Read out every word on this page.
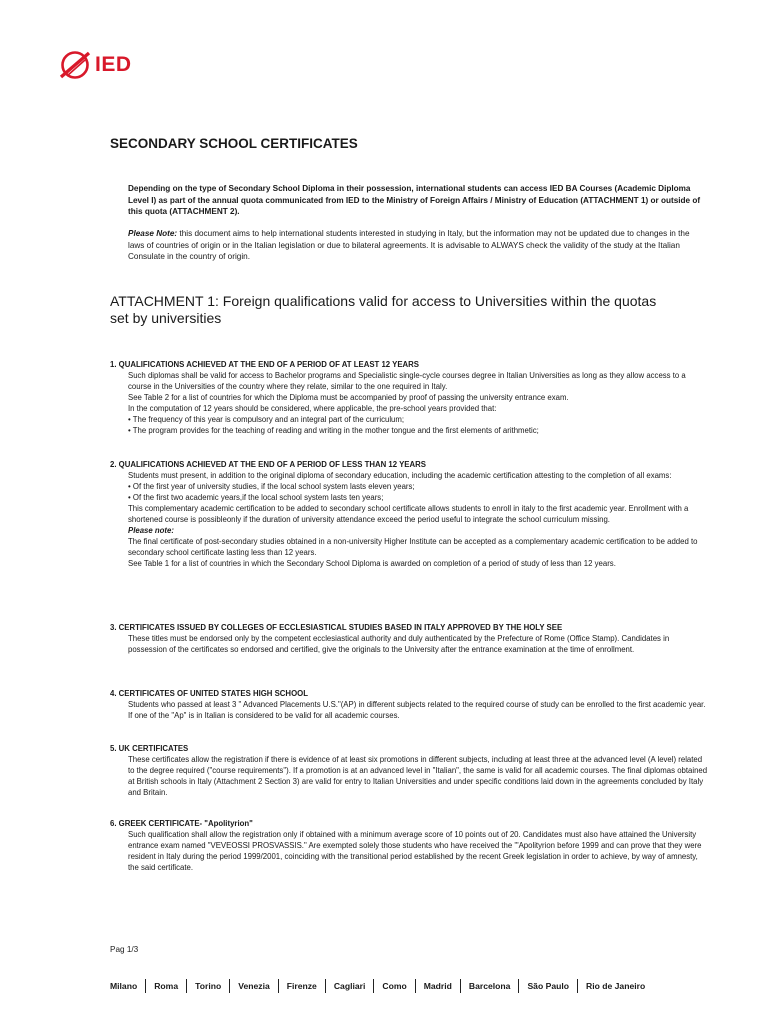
IED
SECONDARY SCHOOL CERTIFICATES

Depending on the type of Secondary School Diploma in their possession, international students can access IED BA Courses (Academic Diploma Level I) as part of the annual quota communicated from IED to the Ministry of Foreign Affairs / Ministry of Education (ATTACHMENT 1) or outside of this quota (ATTACHMENT 2).

Please Note: this document aims to help international students interested in studying in Italy, but the information may not be updated due to changes in the laws of countries of origin or in the Italian legislation or due to bilateral agreements. It is advisable to ALWAYS check the validity of the study at the Italian Consulate in the country of origin.

ATTACHMENT 1: Foreign qualifications valid for access to Universities within the quotas set by universities
1. QUALIFICATIONS ACHIEVED AT THE END OF A PERIOD OF AT LEAST 12 YEARS
Such diplomas shall be valid for access to Bachelor programs and Specialistic single-cycle courses degree in Italian Universities as long as they allow access to a course in the Universities of the country where they relate, similar to the one required in Italy.
See Table 2 for a list of countries for which the Diploma must be accompanied by proof of passing the university entrance exam.
In the computation of 12 years should be considered, where applicable, the pre-school years provided that:
• The frequency of this year is compulsory and an integral part of the curriculum;
• The program provides for the teaching of reading and writing in the mother tongue and the first elements of arithmetic;
2. QUALIFICATIONS ACHIEVED AT THE END OF A PERIOD OF LESS THAN 12 YEARS
Students must present, in addition to the original diploma of secondary education, including the academic certification attesting to the completion of all exams:
• Of the first year of university studies, if the local school system lasts eleven years;
• Of the first two academic years,if the local school system lasts ten years;
This complementary academic certification to be added to secondary school certificate allows students to enroll in italy to the first academic year. Enrollment with a shortened course is possibleonly if the duration of university attendance exceed the period useful to integrate the school curriculum missing.
Please note:
The final certificate of post-secondary studies obtained in a non-university Higher Institute can be accepted as a complementary academic certification to be added to secondary school certificate lasting less than 12 years.
See Table 1 for a list of countries in which the Secondary School Diploma is awarded on completion of a period of study of less than 12 years.
3. CERTIFICATES ISSUED BY COLLEGES OF ECCLESIASTICAL STUDIES BASED IN ITALY APPROVED BY THE HOLY SEE
These titles must be endorsed only by the competent ecclesiastical authority and duly authenticated by the Prefecture of Rome (Office Stamp). Candidates in possession of the certificates so endorsed and certified, give the originals to the University after the entrance examination at the time of enrollment.
4. CERTIFICATES OF UNITED STATES HIGH SCHOOL
Students who passed at least 3 " Advanced Placements U.S."(AP) in different subjects related to the required course of study can be enrolled to the first academic year. If one of the "Ap" is in Italian is considered to be valid for all academic courses.
5. UK CERTIFICATES
These certificates allow the registration if there is evidence of at least six promotions in different subjects, including at least three at the advanced level (A level) related to the degree required ("course requirements"). If a promotion is at an advanced level in "Italian", the same is valid for all academic courses. The final diplomas obtained at British schools in Italy (Attachment 2 Section 3) are valid for entry to Italian Universities and under specific conditions laid down in the agreements concluded by Italy and Britain.
6. GREEK CERTIFICATE- "Apolityrion"
Such qualification shall allow the registration only if obtained with a minimum average score of 10 points out of 20. Candidates must also have attained the University entrance exam named "VEVEOSSI PROSVASSIS." Are exempted solely those students who have received the '"Apolityrion before 1999 and can prove that they were resident in Italy during the period 1999/2001, coinciding with the transitional period established by the recent Greek legislation in order to achieve, by way of amnesty, the said certificate.
Pag 1/3
Milano	Roma	Torino	Venezia	Firenze	Cagliari	Como	Madrid	Barcelona	São Paulo	Rio de Janeiro
